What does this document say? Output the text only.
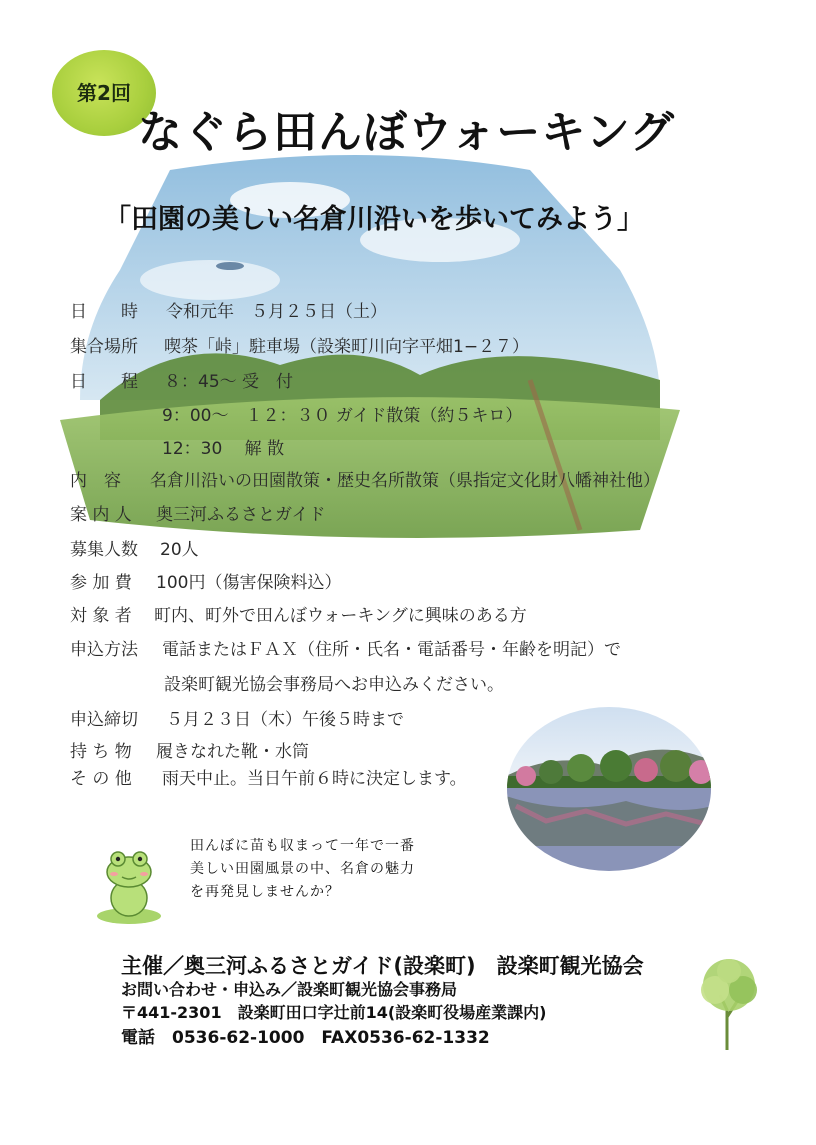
第2回
なぐら田んぼウォーキング
「田園の美しい名倉川沿いを歩いてみよう」
日　　時	令和元年　５月２５日（土）
集合場所	喫茶「峠」駐車場（設楽町川向字平畑1−２７）
日　　程	８：45〜 受　付
9：00〜　１２：３０ ガイド散策（約５キロ）
12：30　 解 散
内　容	名倉川沿いの田園散策・歴史名所散策（県指定文化財八幡神社他）
案 内 人	奥三河ふるさとガイド
募集人数	20人
参 加 費	100円（傷害保険料込）
対 象 者	町内、町外で田んぼウォーキングに興味のある方
申込方法	電話またはＦＡＸ（住所・氏名・電話番号・年齢を明記）で
設楽町観光協会事務局へお申込みください。
申込締切	５月２３日（木）午後５時まで
持 ち 物	履きなれた靴・水筒
そ の 他	雨天中止。当日午前６時に決定します。
田んぼに苗も収まって一年で一番
美しい田園風景の中、名倉の魅力
を再発見しませんか？
主催／奥三河ふるさとガイド(設楽町)　設楽町観光協会
お問い合わせ・申込み／設楽町観光協会事務局
〒441-2301　設楽町田口字辻前14(設楽町役場産業課内)
電話　0536-62-1000　FAX0536-62-1332
